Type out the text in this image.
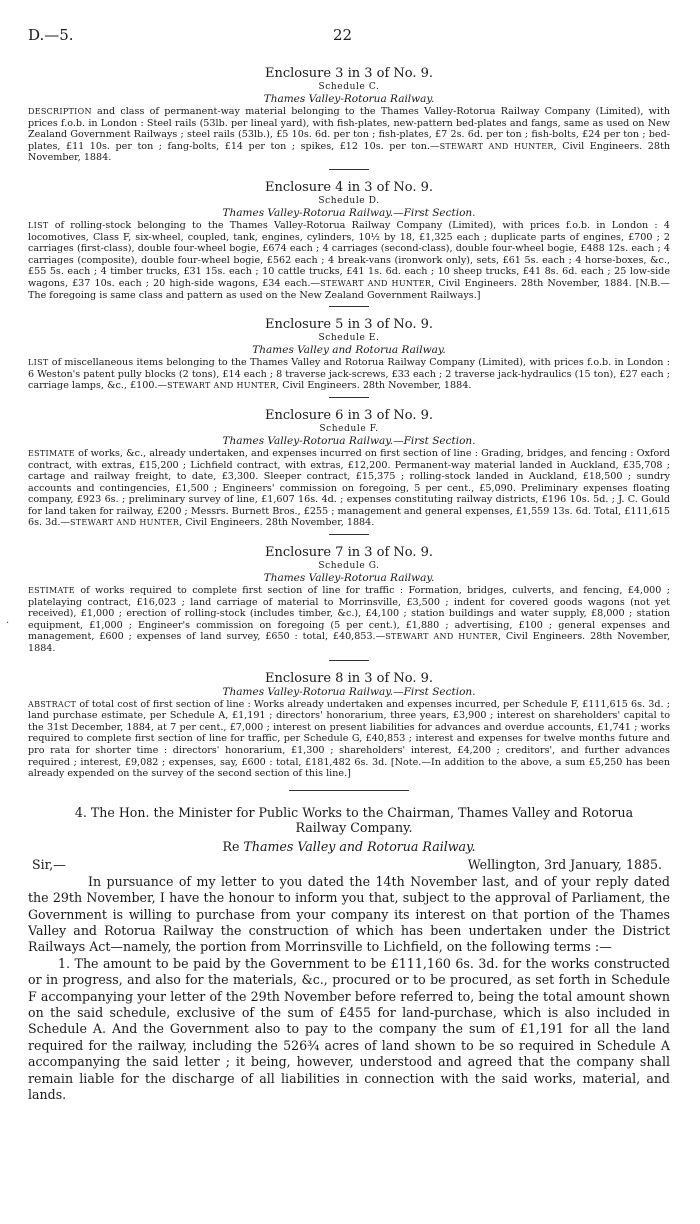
D.—5.	22
Enclosure 3 in 3 of No. 9.
Schedule C.
Thames Valley-Rotorua Railway.

DESCRIPTION and class of permanent-way material belonging to the Thames Valley-Rotorua Railway Company (Limited), with prices f.o.b. in London : Steel rails (53lb. per lineal yard), with fish-plates, new-pattern bed-plates and fangs, same as used on New Zealand Government Railways ; steel rails (53lb.), £5 10s. 6d. per ton ; fish-plates, £7 2s. 6d. per ton ; fish-bolts, £24 per ton ; bed-plates, £11 10s. per ton ; fang-bolts, £14 per ton ; spikes, £12 10s. per ton.—STEWART AND HUNTER, Civil Engineers. 28th November, 1884.

Enclosure 4 in 3 of No. 9.
Schedule D.
Thames Valley-Rotorua Railway.—First Section.

LIST of rolling-stock belonging to the Thames Valley-Rotorua Railway Company (Limited), with prices f.o.b. in London : 4 locomotives, Class F, six-wheel, coupled, tank, engines, cylinders, 10½ by 18, £1,325 each ; duplicate parts of engines, £700 ; 2 carriages (first-class), double four-wheel bogie, £674 each ; 4 carriages (second-class), double four-wheel bogie, £488 12s. each ; 4 carriages (composite), double four-wheel bogie, £562 each ; 4 break-vans (ironwork only), sets, £61 5s. each ; 4 horse-boxes, &c., £55 5s. each ; 4 timber trucks, £31 15s. each ; 10 cattle trucks, £41 1s. 6d. each ; 10 sheep trucks, £41 8s. 6d. each ; 25 low-side wagons, £37 10s. each ; 20 high-side wagons, £34 each.—STEWART AND HUNTER, Civil Engineers. 28th November, 1884. [N.B.—The foregoing is same class and pattern as used on the New Zealand Government Railways.]

Enclosure 5 in 3 of No. 9.
Schedule E.
Thames Valley and Rotorua Railway.

LIST of miscellaneous items belonging to the Thames Valley and Rotorua Railway Company (Limited), with prices f.o.b. in London : 6 Weston's patent pully blocks (2 tons), £14 each ; 8 traverse jack-screws, £33 each ; 2 traverse jack-hydraulics (15 ton), £27 each ; carriage lamps, &c., £100.—STEWART AND HUNTER, Civil Engineers. 28th November, 1884.

Enclosure 6 in 3 of No. 9.
Schedule F.
Thames Valley-Rotorua Railway.—First Section.

ESTIMATE of works, &c., already undertaken, and expenses incurred on first section of line : Grading, bridges, and fencing : Oxford contract, with extras, £15,200 ; Lichfield contract, with extras, £12,200. Permanent-way material landed in Auckland, £35,708 ; cartage and railway freight, to date, £3,300. Sleeper contract, £15,375 ; rolling-stock landed in Auckland, £18,500 ; sundry accounts and contingencies, £1,500 ; Engineers' commission on foregoing, 5 per cent., £5,090. Preliminary expenses floating company, £923 6s. ; preliminary survey of line, £1,607 16s. 4d. ; expenses constituting railway districts, £196 10s. 5d. ; J. C. Gould for land taken for railway, £200 ; Messrs. Burnett Bros., £255 ; management and general expenses, £1,559 13s. 6d. Total, £111,615 6s. 3d.—STEWART AND HUNTER, Civil Engineers. 28th November, 1884.

Enclosure 7 in 3 of No. 9.
Schedule G.
Thames Valley-Rotorua Railway.

ESTIMATE of works required to complete first section of line for traffic : Formation, bridges, culverts, and fencing, £4,000 ; platelaying contract, £16,023 ; land carriage of material to Morrinsville, £3,500 ; indent for covered goods wagons (not yet received), £1,000 ; erection of rolling-stock (includes timber, &c.), £4,100 ; station buildings and water supply, £8,000 ; station equipment, £1,000 ; Engineer's commission on foregoing (5 per cent.), £1,880 ; advertising, £100 ; general expenses and management, £600 ; expenses of land survey, £650 : total, £40,853.—STEWART AND HUNTER, Civil Engineers. 28th November, 1884.

Enclosure 8 in 3 of No. 9.
Thames Valley-Rotorua Railway.—First Section.

ABSTRACT of total cost of first section of line : Works already undertaken and expenses incurred, per Schedule F, £111,615 6s. 3d. ; land purchase estimate, per Schedule A, £1,191 ; directors' honorarium, three years, £3,900 ; interest on shareholders' capital to the 31st December, 1884, at 7 per cent., £7,000 ; interest on present liabilities for advances and overdue accounts, £1,741 ; works required to complete first section of line for traffic, per Schedule G, £40,853 ; interest and expenses for twelve months future and pro rata for shorter time : directors' honorarium, £1,300 ; shareholders' interest, £4,200 ; creditors', and further advances required ; interest, £9,082 ; expenses, say, £600 : total, £181,482 6s. 3d. [Note.—In addition to the above, a sum £5,250 has been already expended on the survey of the second section of this line.]

4. The Hon. the Minister for Public Works to the Chairman, Thames Valley and Rotorua Railway Company.
Re Thames Valley and Rotorua Railway.
Sir,—	Wellington, 3rd January, 1885.

In pursuance of my letter to you dated the 14th November last, and of your reply dated the 29th November, I have the honour to inform you that, subject to the approval of Parliament, the Government is willing to purchase from your company its interest on that portion of the Thames Valley and Rotorua Railway the construction of which has been undertaken under the District Railways Act—namely, the portion from Morrinsville to Lichfield, on the following terms :—

1. The amount to be paid by the Government to be £111,160 6s. 3d. for the works constructed or in progress, and also for the materials, &c., procured or to be procured, as set forth in Schedule F accompanying your letter of the 29th November before referred to, being the total amount shown on the said schedule, exclusive of the sum of £455 for land-purchase, which is also included in Schedule A. And the Government also to pay to the company the sum of £1,191 for all the land required for the railway, including the 526¾ acres of land shown to be so required in Schedule A accompanying the said letter ; it being, however, understood and agreed that the company shall remain liable for the discharge of all liabilities in connection with the said works, material, and lands.

·
